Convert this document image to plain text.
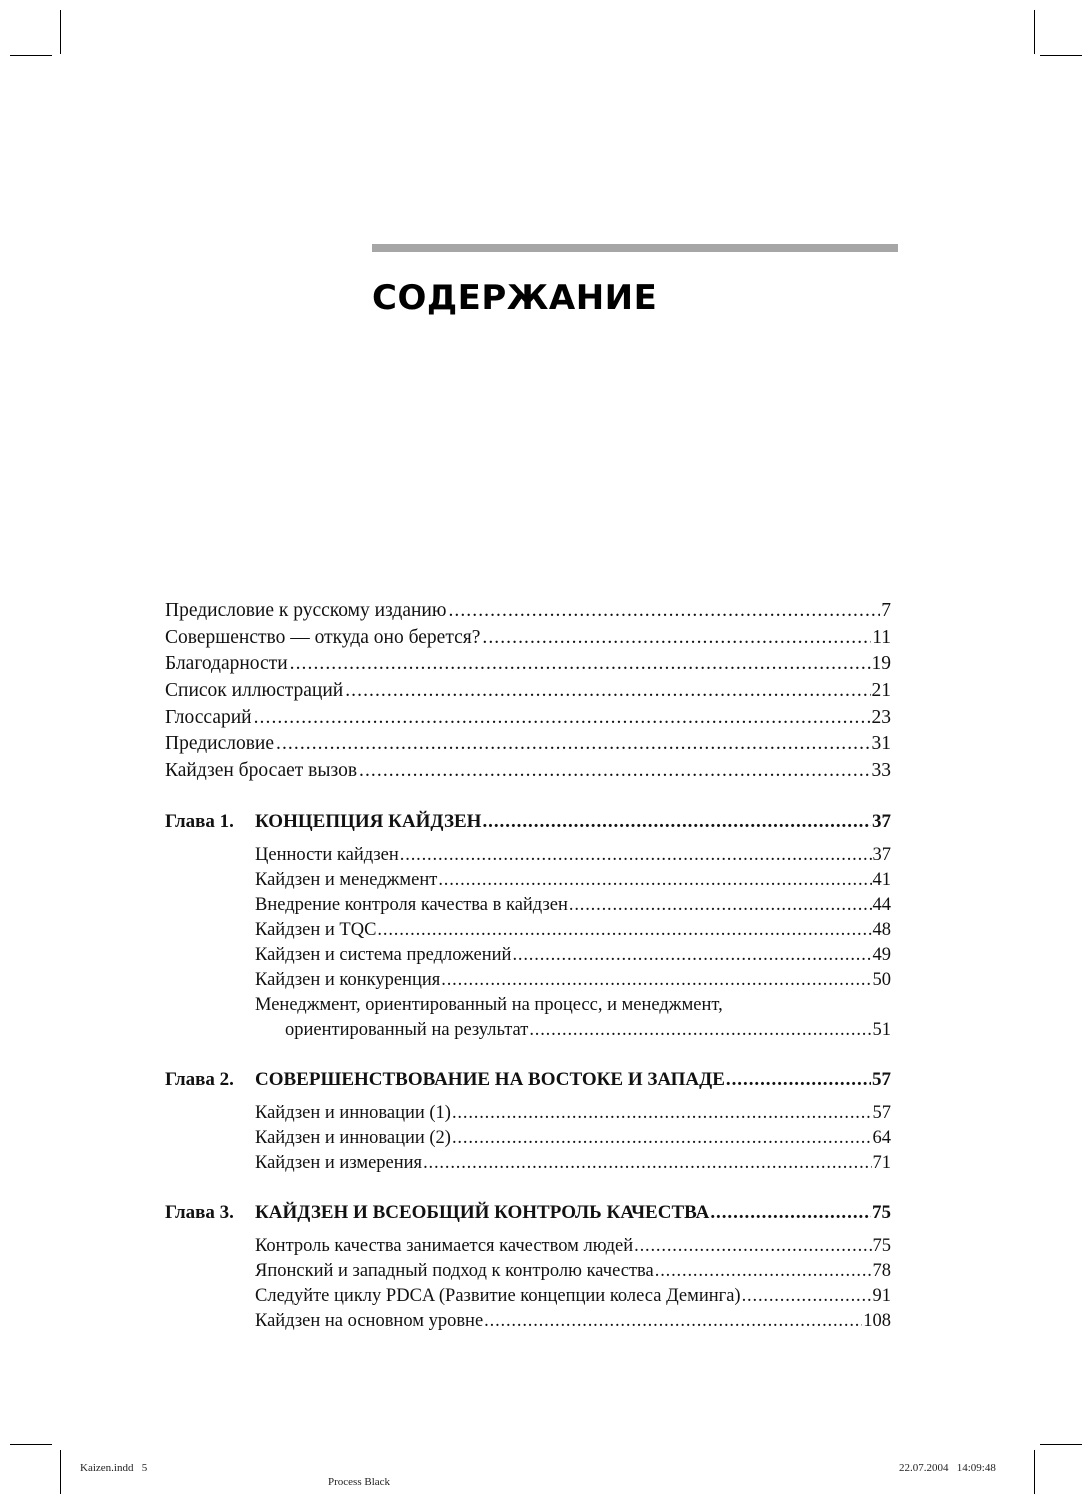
СОДЕРЖАНИЕ
Предисловие к русскому изданию . . .	7
Совершенство — откуда оно берется? . . .	11
Благодарности . . .	19
Список иллюстраций . . .	21
Глоссарий . . .	23
Предисловие . . .	31
Кайдзен бросает вызов . . .	33
Глава 1.	КОНЦЕПЦИЯ КАЙДЗЕН . . .	37
Ценности кайдзен . . .	37
Кайдзен и менеджмент . . .	41
Внедрение контроля качества в кайдзен . . .	44
Кайдзен и TQC . . .	48
Кайдзен и система предложений . . .	49
Кайдзен и конкуренция . . .	50
Менеджмент, ориентированный на процесс, и менеджмент,
ориентированный на результат . . .	51
Глава 2.	СОВЕРШЕНСТВОВАНИЕ НА ВОСТОКЕ И ЗАПАДЕ . . .	57
Кайдзен и инновации (1) . . .	57
Кайдзен и инновации (2) . . .	64
Кайдзен и измерения . . .	71
Глава 3.	КАЙДЗЕН И ВСЕОБЩИЙ КОНТРОЛЬ КАЧЕСТВА . . .	75
Контроль качества занимается качеством людей . . .	75
Японский и западный подход к контролю качества . . .	78
Следуйте циклу PDCA (Развитие концепции колеса Деминга) . . .	91
Кайдзен на основном уровне . . .	108
Kaizen.indd   5
Process Black
22.07.2004   14:09:48
